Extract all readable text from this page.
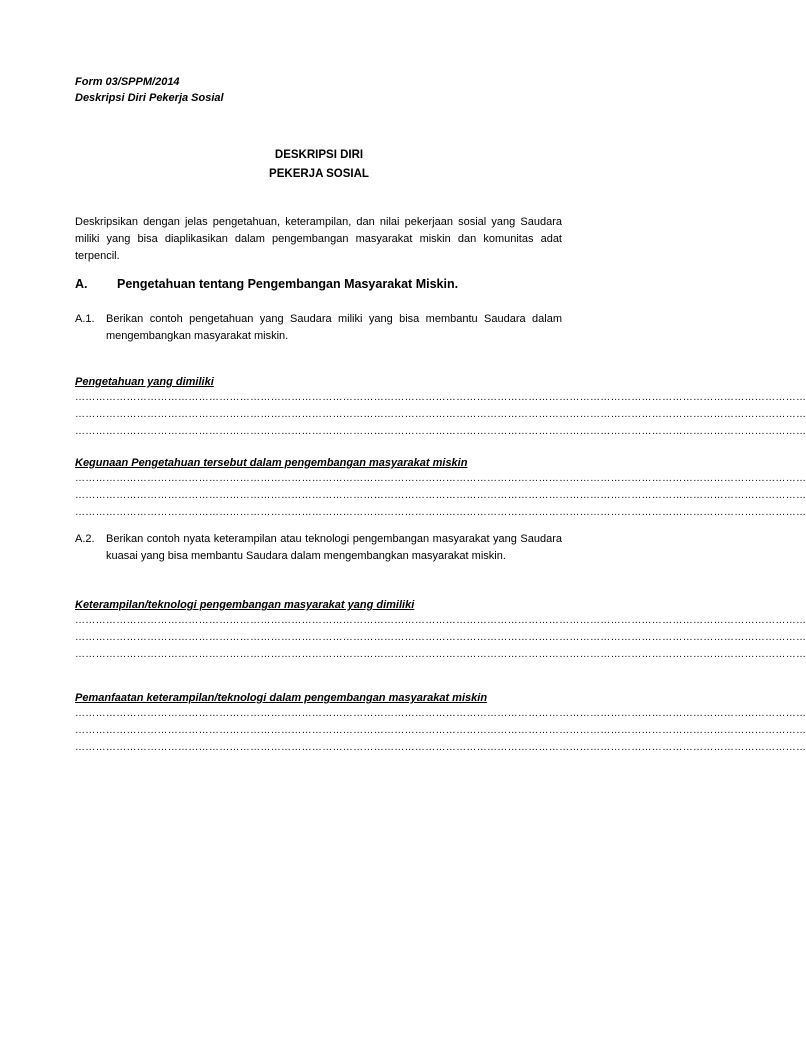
Form 03/SPPM/2014
Deskripsi Diri Pekerja Sosial
DESKRIPSI DIRI
PEKERJA SOSIAL
Deskripsikan dengan jelas pengetahuan, keterampilan, dan nilai pekerjaan sosial yang Saudara miliki yang bisa diaplikasikan dalam pengembangan masyarakat miskin dan komunitas adat terpencil.
A. Pengetahuan tentang Pengembangan Masyarakat Miskin.
A.1. Berikan contoh pengetahuan yang Saudara miliki yang bisa membantu Saudara dalam mengembangkan masyarakat miskin.
Pengetahuan yang dimiliki
……………………………………………………………………………………………………………………………………………………………………………………………
……………………………………………………………………………………………………………………………………………………………………………………………
……………………………………………………………………………………………………………………………………………………………………………………………
Kegunaan Pengetahuan tersebut dalam pengembangan masyarakat miskin
……………………………………………………………………………………………………………………………………………………………………………………………
……………………………………………………………………………………………………………………………………………………………………………………………
……………………………………………………………………………………………………………………………………………………………………………………………
A.2. Berikan contoh nyata keterampilan atau teknologi pengembangan masyarakat yang Saudara kuasai yang bisa membantu Saudara dalam mengembangkan masyarakat miskin.
Keterampilan/teknologi pengembangan masyarakat yang dimiliki
……………………………………………………………………………………………………………………………………………………………………………………………
……………………………………………………………………………………………………………………………………………………………………………………………
……………………………………………………………………………………………………………………………………………………………………………………………
Pemanfaatan keterampilan/teknologi dalam pengembangan masyarakat miskin
……………………………………………………………………………………………………………………………………………………………………………………………
……………………………………………………………………………………………………………………………………………………………………………………………
……………………………………………………………………………………………………………………………………………………………………………………………
